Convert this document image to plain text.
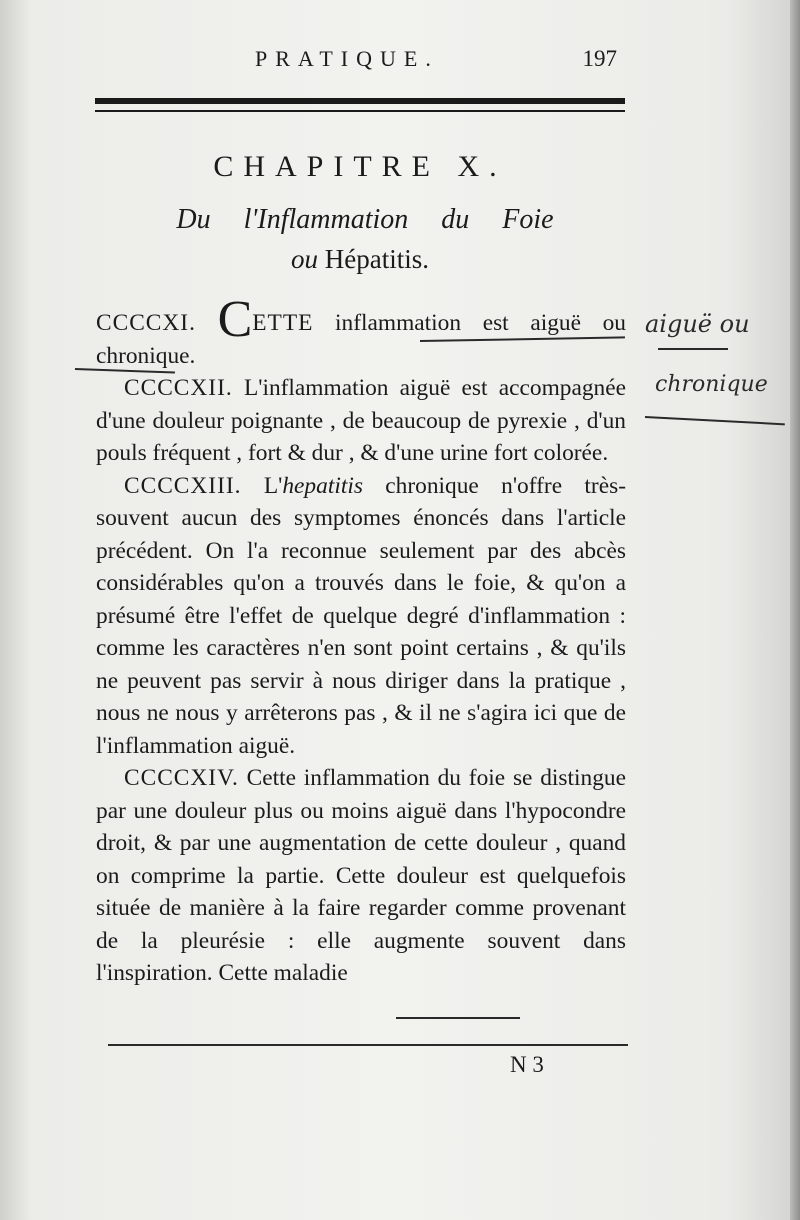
PRATIQUE.	197
CHAPITRE X.
Du l'Inflammation du Foie
ou Hépatitis.

CCCCXI. CETTE inflammation est aiguë ou chronique.

CCCCXII. L'inflammation aiguë est accompagnée d'une douleur poignante , de beaucoup de pyrexie , d'un pouls fréquent , fort & dur , & d'une urine fort colorée.

CCCCXIII. L'hepatitis chronique n'offre très-souvent aucun des symptomes énoncés dans l'article précédent. On l'a reconnue seulement par des abcès considérables qu'on a trouvés dans le foie, & qu'on a présumé être l'effet de quelque degré d'inflammation : comme les caractères n'en sont point certains , & qu'ils ne peuvent pas servir à nous diriger dans la pratique , nous ne nous y arrêterons pas , & il ne s'agira ici que de l'inflammation aiguë.

CCCCXIV. Cette inflammation du foie se distingue par une douleur plus ou moins aiguë dans l'hypocondre droit, & par une augmentation de cette douleur , quand on comprime la partie. Cette douleur est quelquefois située de manière à la faire regarder comme provenant de la pleurésie : elle augmente souvent dans l'inspiration. Cette maladie

N 3
aiguë ou
chronique
